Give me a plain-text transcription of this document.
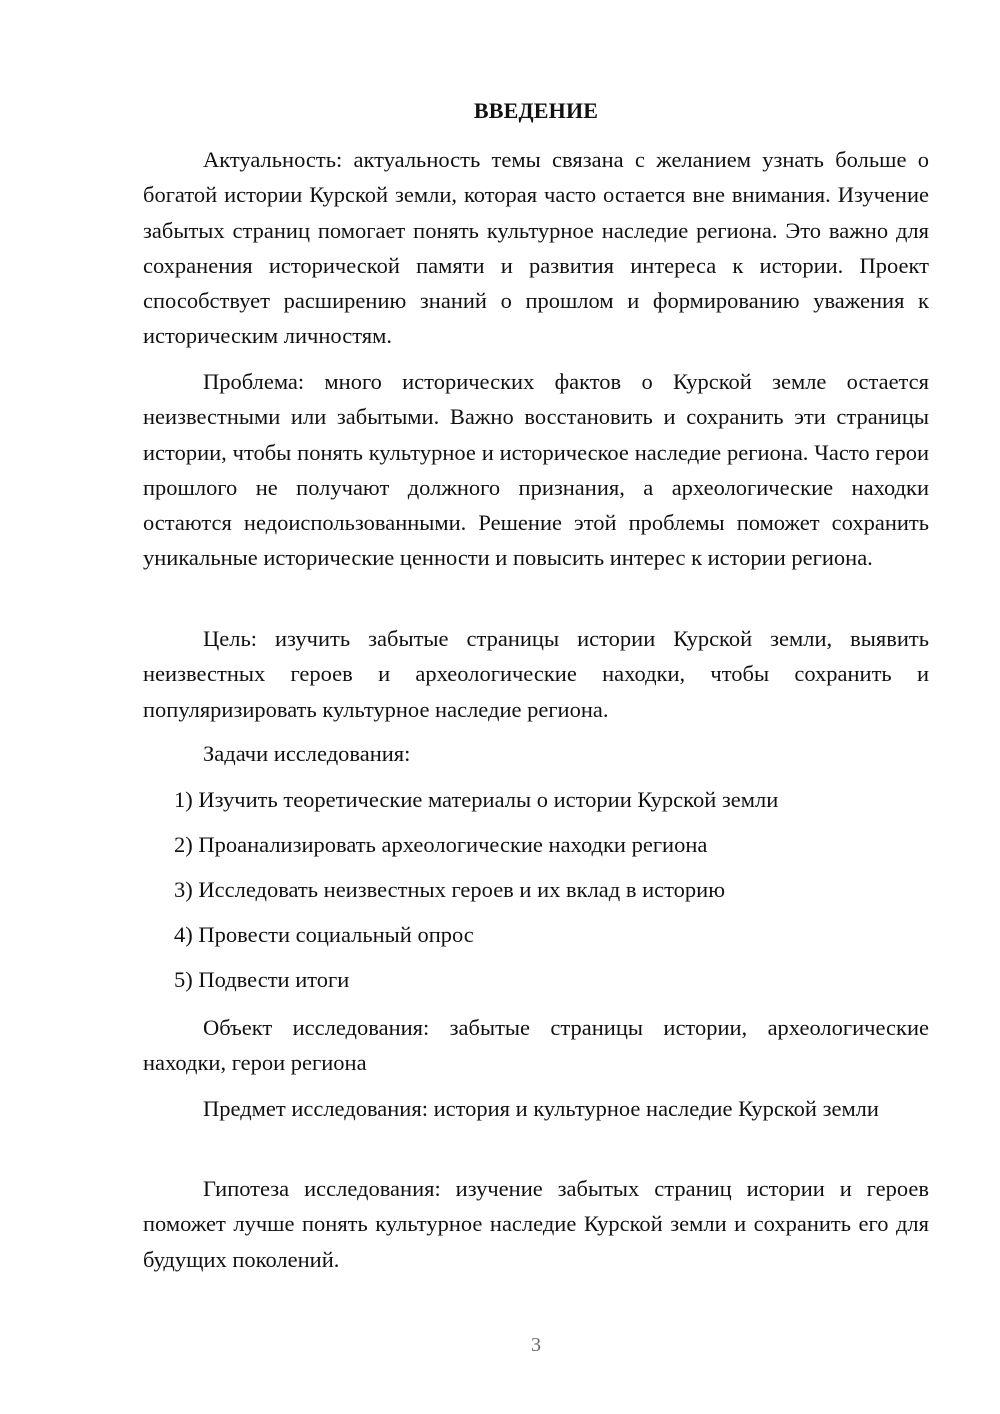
ВВЕДЕНИЕ

Актуальность: актуальность темы связана с желанием узнать больше о богатой истории Курской земли, которая часто остается вне внимания. Изучение забытых страниц помогает понять культурное наследие региона. Это важно для сохранения исторической памяти и развития интереса к истории. Проект способствует расширению знаний о прошлом и формированию уважения к историческим личностям.

Проблема: много исторических фактов о Курской земле остается неизвестными или забытыми. Важно восстановить и сохранить эти страницы истории, чтобы понять культурное и историческое наследие региона. Часто герои прошлого не получают должного признания, а археологические находки остаются недоиспользованными. Решение этой проблемы поможет сохранить уникальные исторические ценности и повысить интерес к истории региона.

Цель: изучить забытые страницы истории Курской земли, выявить неизвестных героев и археологические находки, чтобы сохранить и популяризировать культурное наследие региона.

Задачи исследования:

1) Изучить теоретические материалы о истории Курской земли
2) Проанализировать археологические находки региона
3) Исследовать неизвестных героев и их вклад в историю
4) Провести социальный опрос
5) Подвести итоги

Объект исследования: забытые страницы истории, археологические находки, герои региона

Предмет исследования: история и культурное наследие Курской земли

Гипотеза исследования: изучение забытых страниц истории и героев поможет лучше понять культурное наследие Курской земли и сохранить его для будущих поколений.

3
